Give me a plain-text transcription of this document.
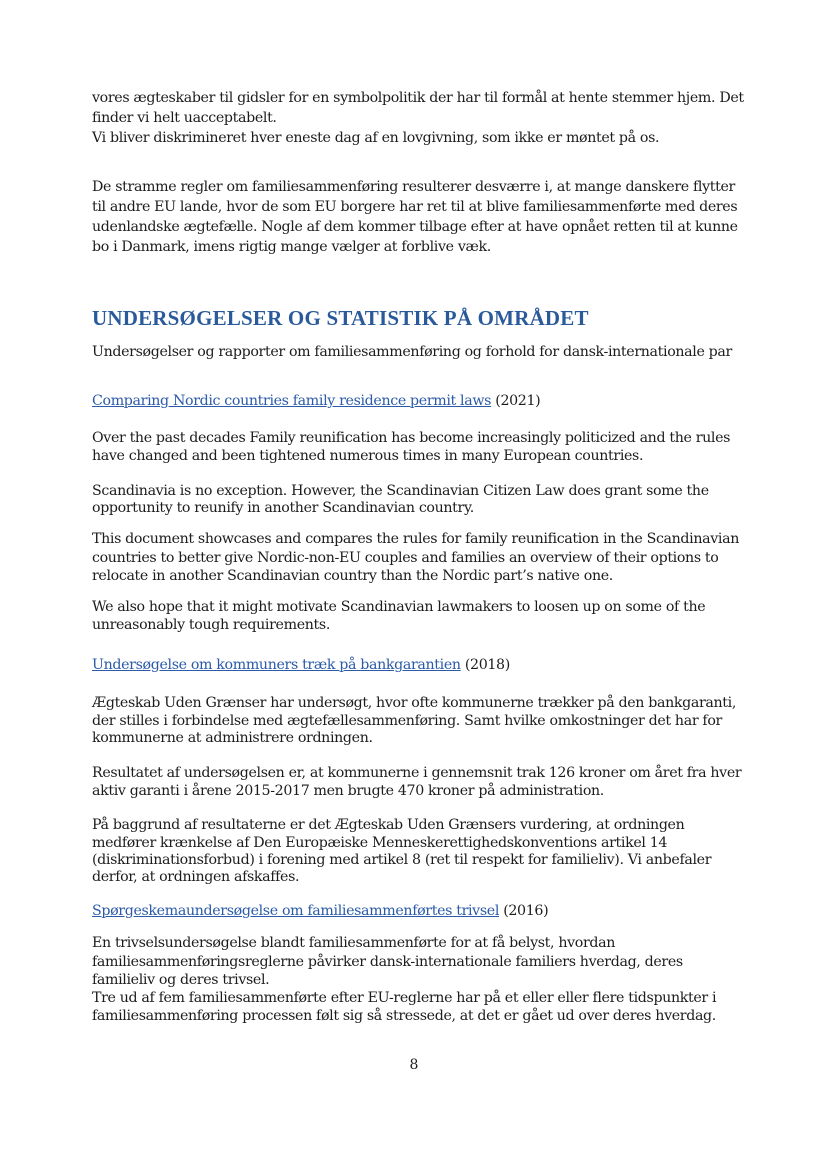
vores ægteskaber til gidsler for en symbolpolitik der har til formål at hente stemmer hjem. Det
finder vi helt uacceptabelt.
Vi bliver diskrimineret hver eneste dag af en lovgivning, som ikke er møntet på os.
De stramme regler om familiesammenføring resulterer desværre i, at mange danskere flytter
til andre EU lande, hvor de som EU borgere har ret til at blive familiesammenførte med deres
udenlandske ægtefælle. Nogle af dem kommer tilbage efter at have opnået retten til at kunne
bo i Danmark, imens rigtig mange vælger at forblive væk.
UNDERSØGELSER OG STATISTIK PÅ OMRÅDET
Undersøgelser og rapporter om familiesammenføring og forhold for dansk-internationale par
Comparing Nordic countries family residence permit laws (2021)
Over the past decades Family reunification has become increasingly politicized and the rules
have changed and been tightened numerous times in many European countries.
Scandinavia is no exception. However, the Scandinavian Citizen Law does grant some the
opportunity to reunify in another Scandinavian country.
This document showcases and compares the rules for family reunification in the Scandinavian
countries to better give Nordic-non-EU couples and families an overview of their options to
relocate in another Scandinavian country than the Nordic part’s native one.
We also hope that it might motivate Scandinavian lawmakers to loosen up on some of the
unreasonably tough requirements.
Undersøgelse om kommuners træk på bankgarantien (2018)
Ægteskab Uden Grænser har undersøgt, hvor ofte kommunerne trækker på den bankgaranti,
der stilles i forbindelse med ægtefællesammenføring. Samt hvilke omkostninger det har for
kommunerne at administrere ordningen.
Resultatet af undersøgelsen er, at kommunerne i gennemsnit trak 126 kroner om året fra hver
aktiv garanti i årene 2015-2017 men brugte 470 kroner på administration.
På baggrund af resultaterne er det Ægteskab Uden Grænsers vurdering, at ordningen
medfører krænkelse af Den Europæiske Menneskerettighedskonventions artikel 14
(diskriminationsforbud) i forening med artikel 8 (ret til respekt for familieliv). Vi anbefaler
derfor, at ordningen afskaffes.
Spørgeskemaundersøgelse om familiesammenførtes trivsel (2016)
En trivselsundersøgelse blandt familiesammenførte for at få belyst, hvordan
familiesammenføringsreglerne påvirker dansk-internationale familiers hverdag, deres
familieliv og deres trivsel.
Tre ud af fem familiesammenførte efter EU-reglerne har på et eller eller flere tidspunkter i
familiesammenføring processen følt sig så stressede, at det er gået ud over deres hverdag.
8
